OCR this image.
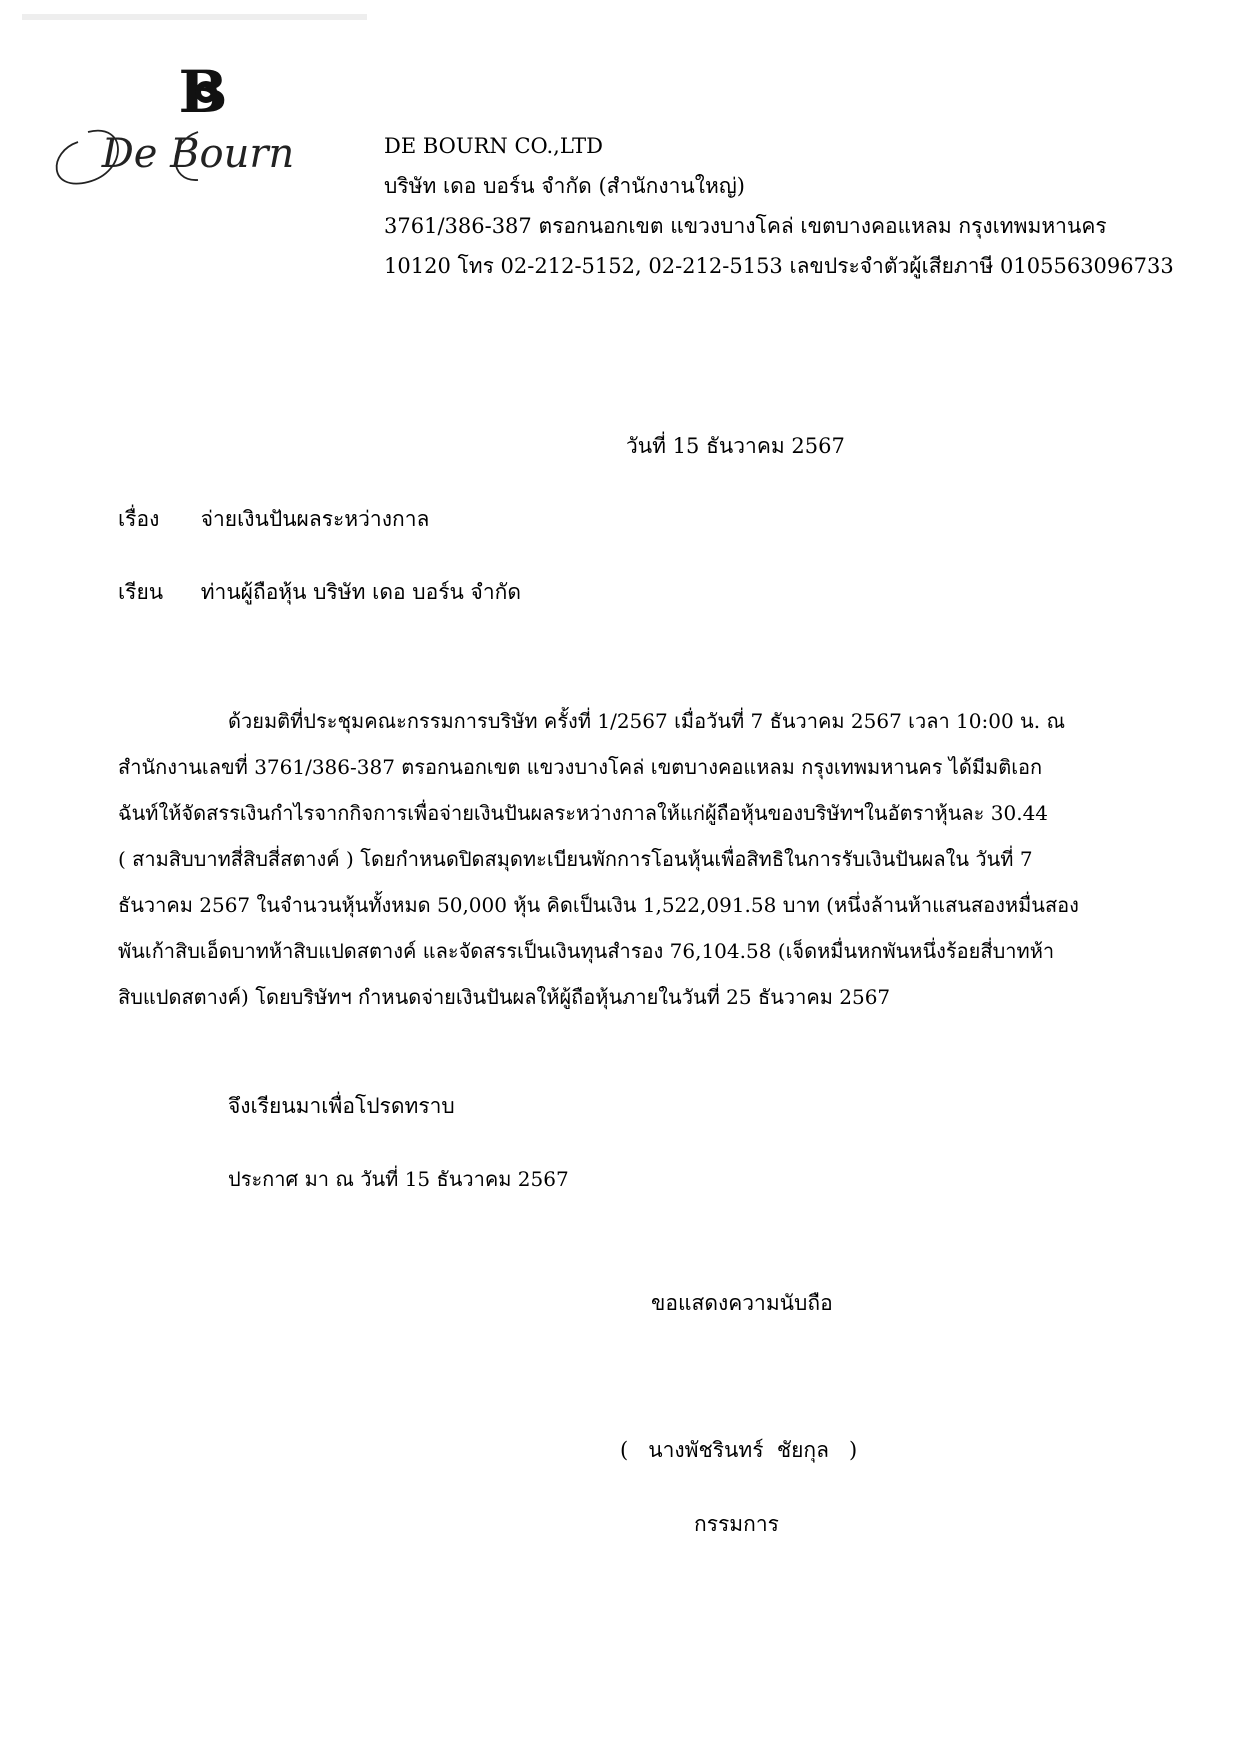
B
De Bourn	DE BOURN CO.,LTD
บริษัท เดอ บอร์น จำกัด (สำนักงานใหญ่)
3761/386-387 ตรอกนอกเขต แขวงบางโคล่ เขตบางคอแหลม กรุงเทพมหานคร
10120 โทร 02-212-5152, 02-212-5153 เลขประจำตัวผู้เสียภาษี 0105563096733
วันที่ 15 ธันวาคม 2567
เรื่อง จ่ายเงินปันผลระหว่างกาล
เรียน ท่านผู้ถือหุ้น บริษัท เดอ บอร์น จำกัด
ด้วยมติที่ประชุมคณะกรรมการบริษัท ครั้งที่ 1/2567 เมื่อวันที่ 7 ธันวาคม 2567 เวลา 10:00 น. ณ
สำนักงานเลขที่ 3761/386-387 ตรอกนอกเขต แขวงบางโคล่ เขตบางคอแหลม กรุงเทพมหานคร ได้มีมติเอก
ฉันท์ให้จัดสรรเงินกำไรจากกิจการเพื่อจ่ายเงินปันผลระหว่างกาลให้แก่ผู้ถือหุ้นของบริษัทฯในอัตราหุ้นละ 30.44
( สามสิบบาทสี่สิบสี่สตางค์ ) โดยกำหนดปิดสมุดทะเบียนพักการโอนหุ้นเพื่อสิทธิในการรับเงินปันผลใน วันที่ 7
ธันวาคม 2567 ในจำนวนหุ้นทั้งหมด 50,000 หุ้น คิดเป็นเงิน 1,522,091.58 บาท (หนึ่งล้านห้าแสนสองหมื่นสอง
พันเก้าสิบเอ็ดบาทห้าสิบแปดสตางค์ และจัดสรรเป็นเงินทุนสำรอง 76,104.58 (เจ็ดหมื่นหกพันหนึ่งร้อยสี่บาทห้า
สิบแปดสตางค์) โดยบริษัทฯ กำหนดจ่ายเงินปันผลให้ผู้ถือหุ้นภายในวันที่ 25 ธันวาคม 2567
จึงเรียนมาเพื่อโปรดทราบ
ประกาศ มา ณ วันที่ 15 ธันวาคม 2567
ขอแสดงความนับถือ
(   นางพัชรินทร์  ชัยกุล   )
กรรมการ
